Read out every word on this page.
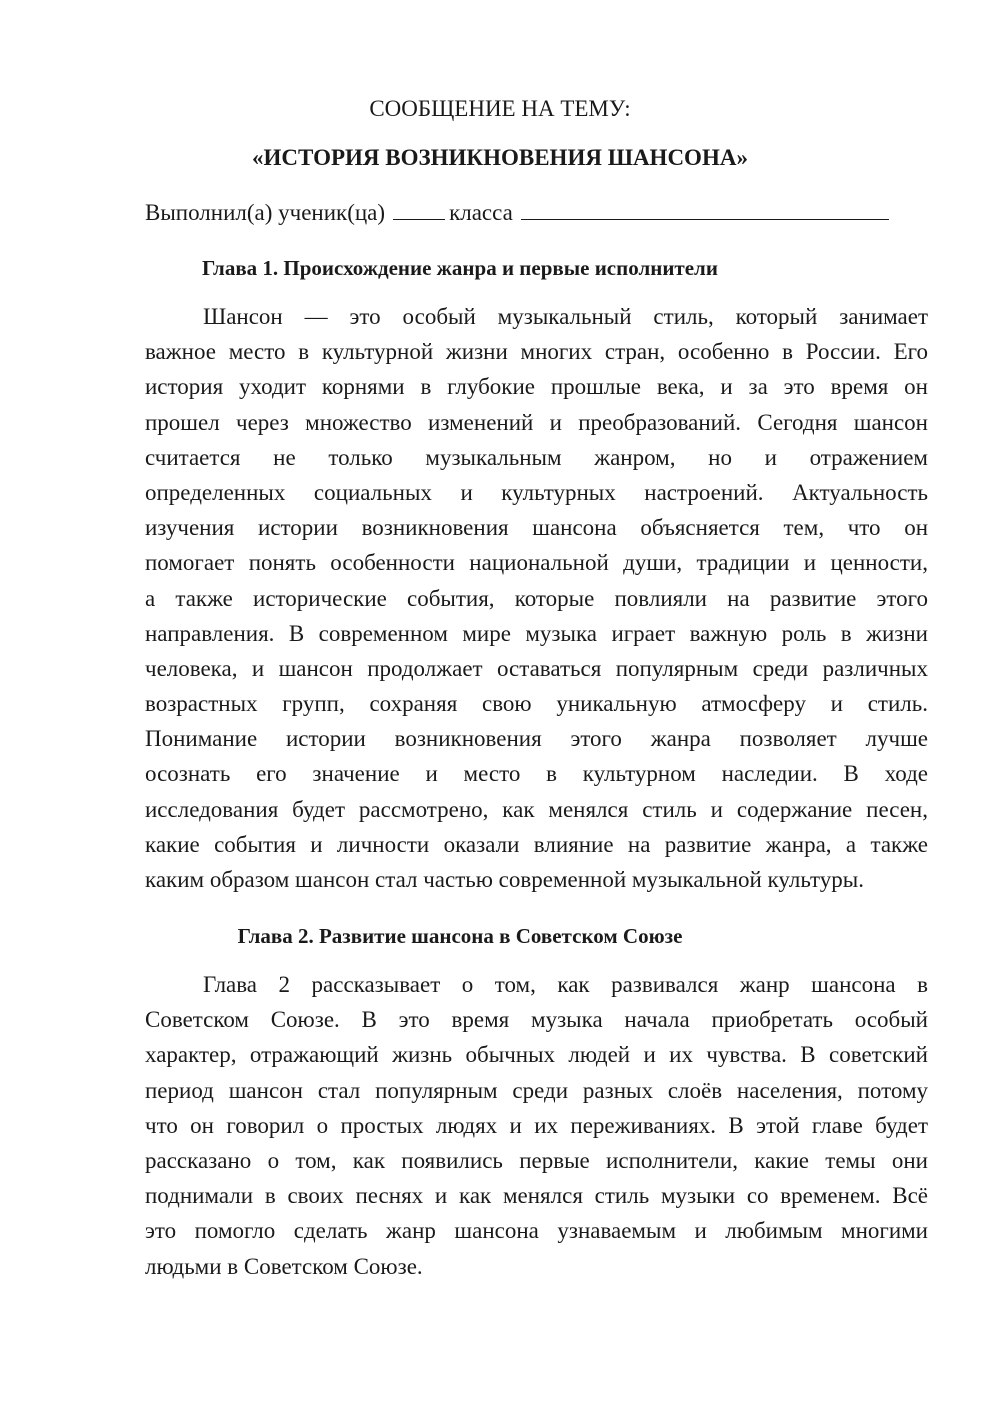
СООБЩЕНИЕ НА ТЕМУ:
«ИСТОРИЯ ВОЗНИКНОВЕНИЯ ШАНСОНА»
Выполнил(а) ученик(ца)	класса
Глава 1. Происхождение жанра и первые исполнители
Шансон — это особый музыкальный стиль, который занимает
важное место в культурной жизни многих стран, особенно в России. Его
история уходит корнями в глубокие прошлые века, и за это время он
прошел через множество изменений и преобразований. Сегодня шансон
считается не только музыкальным жанром, но и отражением
определенных социальных и культурных настроений. Актуальность
изучения истории возникновения шансона объясняется тем, что он
помогает понять особенности национальной души, традиции и ценности,
а также исторические события, которые повлияли на развитие этого
направления. В современном мире музыка играет важную роль в жизни
человека, и шансон продолжает оставаться популярным среди различных
возрастных групп, сохраняя свою уникальную атмосферу и стиль.
Понимание истории возникновения этого жанра позволяет лучше
осознать его значение и место в культурном наследии. В ходе
исследования будет рассмотрено, как менялся стиль и содержание песен,
какие события и личности оказали влияние на развитие жанра, а также
каким образом шансон стал частью современной музыкальной культуры.
Глава 2. Развитие шансона в Советском Союзе
Глава 2 рассказывает о том, как развивался жанр шансона в
Советском Союзе. В это время музыка начала приобретать особый
характер, отражающий жизнь обычных людей и их чувства. В советский
период шансон стал популярным среди разных слоёв населения, потому
что он говорил о простых людях и их переживаниях. В этой главе будет
рассказано о том, как появились первые исполнители, какие темы они
поднимали в своих песнях и как менялся стиль музыки со временем. Всё
это помогло сделать жанр шансона узнаваемым и любимым многими
людьми в Советском Союзе.
